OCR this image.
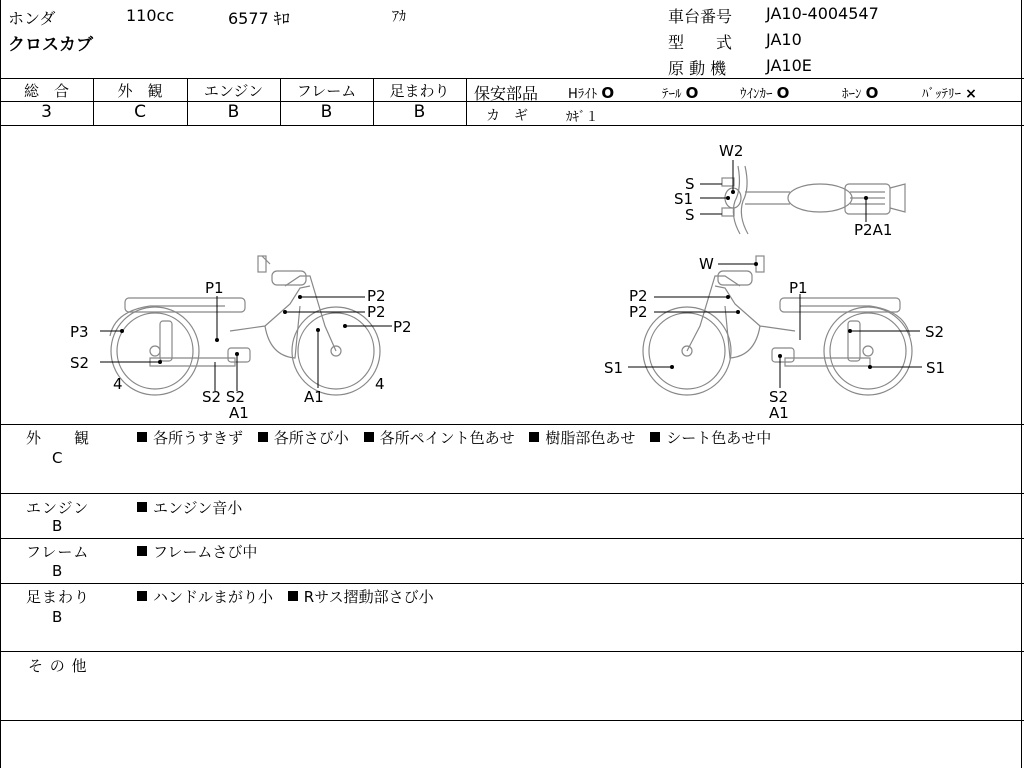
ホンダ	110cc	6577 ｷﾛ	ｱｶ
クロスカブ
車台番号 JA10-4004547
型　　式 JA10
原 動 機 JA10E
総　合	外　観	エンジン	フレーム	足まわり
3	C	B	B	B
保安部品 Hﾗｲﾄ O	ﾃｰﾙ O	ｳｲﾝｶｰ O	ﾎｰﾝ O	ﾊﾞｯﾃﾘｰ ×
カ　ギ	ｶｷﾞ１
W2
S
S1
S
P2A1
P1	P2
P2
P2
P3
S2
4	4
S2 S2
A1
A1
W
P2
P2
P1
S2
S1	S1
S2
A1
外　　観
C
各所うすきず 各所さび小 各所ペイント色あせ 樹脂部色あせ シート色あせ中
エンジン
B
エンジン音小
フレーム
B
フレームさび中
足まわり
B
ハンドルまがり小 Rサス摺動部さび小
そ の 他
